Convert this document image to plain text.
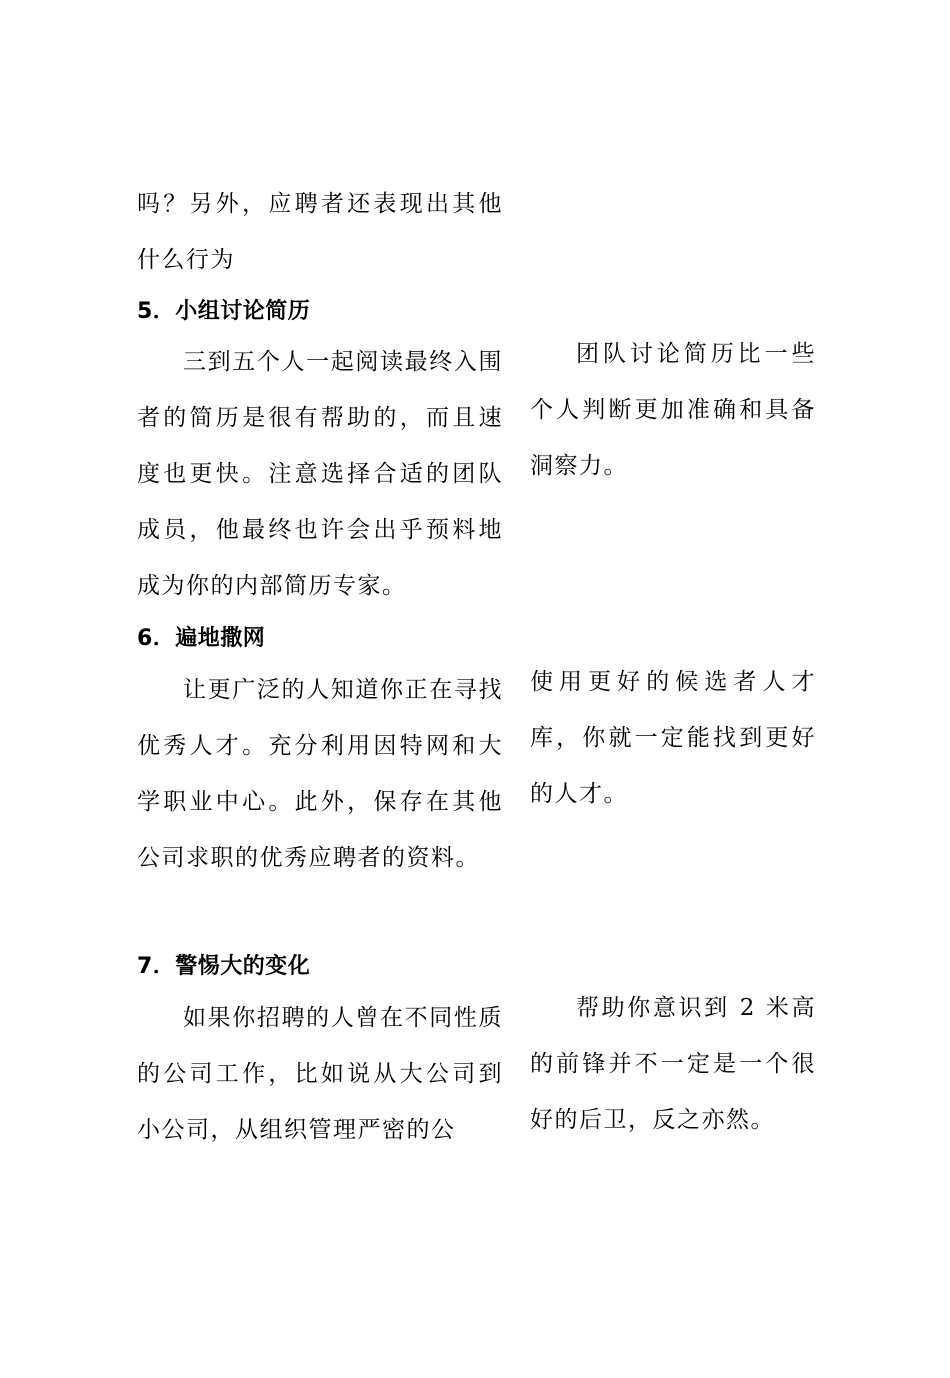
吗？另外，应聘者还表现出其他什么行为

5．小组讨论简历

三到五个人一起阅读最终入围者的简历是很有帮助的，而且速度也更快。注意选择合适的团队成员，他最终也许会出乎预料地成为你的内部简历专家。

团队讨论简历比一些个人判断更加准确和具备洞察力。

6．遍地撒网

让更广泛的人知道你正在寻找优秀人才。充分利用因特网和大学职业中心。此外，保存在其他公司求职的优秀应聘者的资料。

使用更好的候选者人才库，你就一定能找到更好的人才。

7．警惕大的变化

如果你招聘的人曾在不同性质的公司工作，比如说从大公司到小公司，从组织管理严密的公

帮助你意识到 2 米高的前锋并不一定是一个很好的后卫，反之亦然。
